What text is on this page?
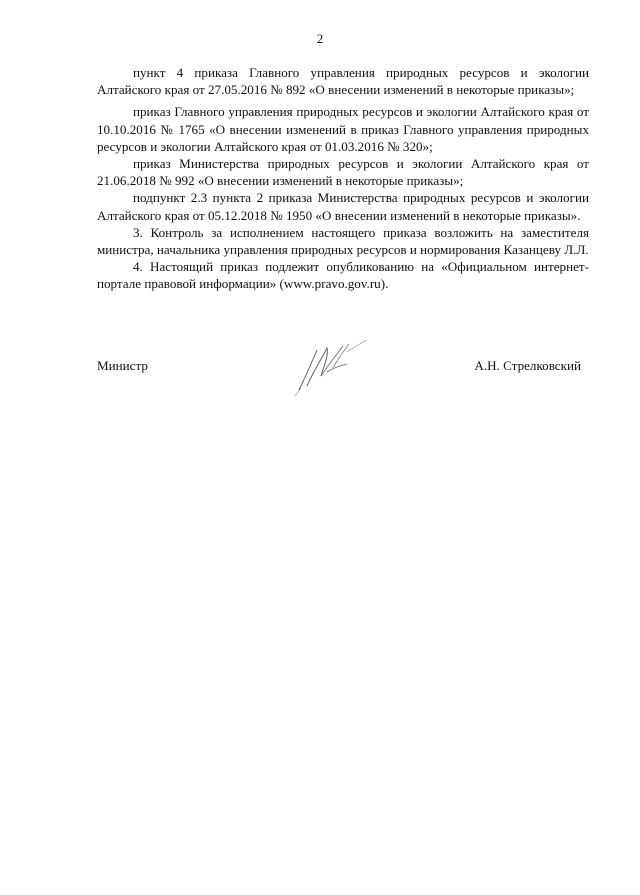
2

пункт 4 приказа Главного управления природных ресурсов и экологии Алтайского края от 27.05.2016 № 892 «О внесении изменений в некоторые приказы»;

приказ Главного управления природных ресурсов и экологии Алтайского края от 10.10.2016 № 1765 «О внесении изменений в приказ Главного управления природных ресурсов и экологии Алтайского края от 01.03.2016 № 320»;

приказ Министерства природных ресурсов и экологии Алтайского края от 21.06.2018 № 992 «О внесении изменений в некоторые приказы»;

подпункт 2.3 пункта 2 приказа Министерства природных ресурсов и экологии Алтайского края от 05.12.2018 № 1950 «О внесении изменений в некоторые приказы».

3. Контроль за исполнением настоящего приказа возложить на заместителя министра, начальника управления природных ресурсов и нормирования Казанцеву Л.Л.

4. Настоящий приказ подлежит опубликованию на «Официальном интернет-портале правовой информации» (www.pravo.gov.ru).

Министр	А.Н. Стрелковский
